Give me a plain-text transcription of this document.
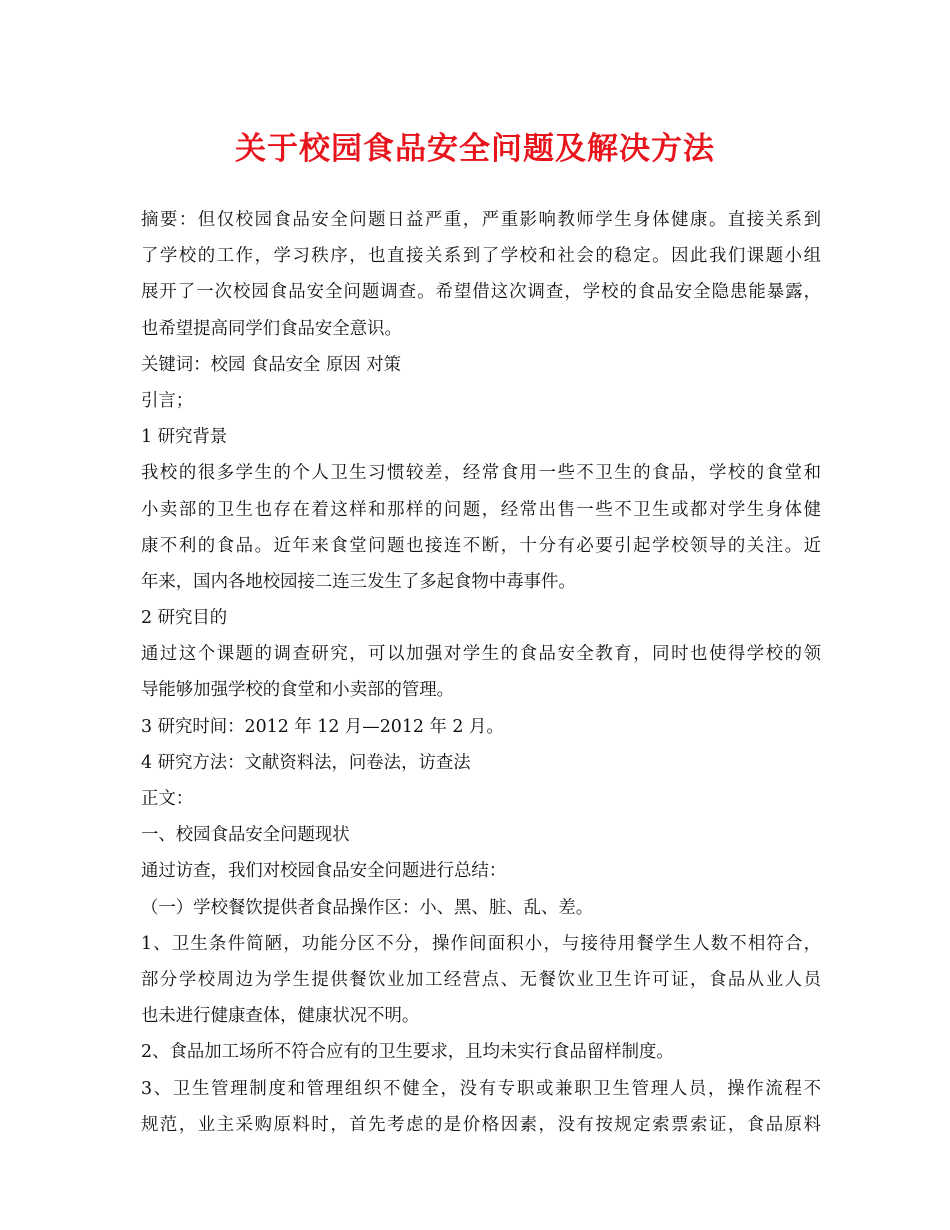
关于校园食品安全问题及解决方法
摘要：但仅校园食品安全问题日益严重，严重影响教师学生身体健康。直接关系到
了学校的工作，学习秩序，也直接关系到了学校和社会的稳定。因此我们课题小组
展开了一次校园食品安全问题调查。希望借这次调查，学校的食品安全隐患能暴露，
也希望提高同学们食品安全意识。
关键词：校园 食品安全 原因 对策
引言；
1 研究背景
我校的很多学生的个人卫生习惯较差，经常食用一些不卫生的食品，学校的食堂和
小卖部的卫生也存在着这样和那样的问题，经常出售一些不卫生或都对学生身体健
康不利的食品。近年来食堂问题也接连不断，十分有必要引起学校领导的关注。近
年来，国内各地校园接二连三发生了多起食物中毒事件。
2 研究目的
通过这个课题的调查研究，可以加强对学生的食品安全教育，同时也使得学校的领
导能够加强学校的食堂和小卖部的管理。
3 研究时间：2012 年 12 月—2012 年 2 月。
4 研究方法：文献资料法，问卷法，访查法
正文：
一、校园食品安全问题现状
通过访查，我们对校园食品安全问题进行总结：
（一）学校餐饮提供者食品操作区：小、黑、脏、乱、差。
1、卫生条件简陋，功能分区不分，操作间面积小，与接待用餐学生人数不相符合，
部分学校周边为学生提供餐饮业加工经营点、无餐饮业卫生许可证，食品从业人员
也未进行健康查体，健康状况不明。
2、食品加工场所不符合应有的卫生要求，且均未实行食品留样制度。
3、卫生管理制度和管理组织不健全，没有专职或兼职卫生管理人员，操作流程不
规范，业主采购原料时，首先考虑的是价格因素，没有按规定索票索证，食品原料
